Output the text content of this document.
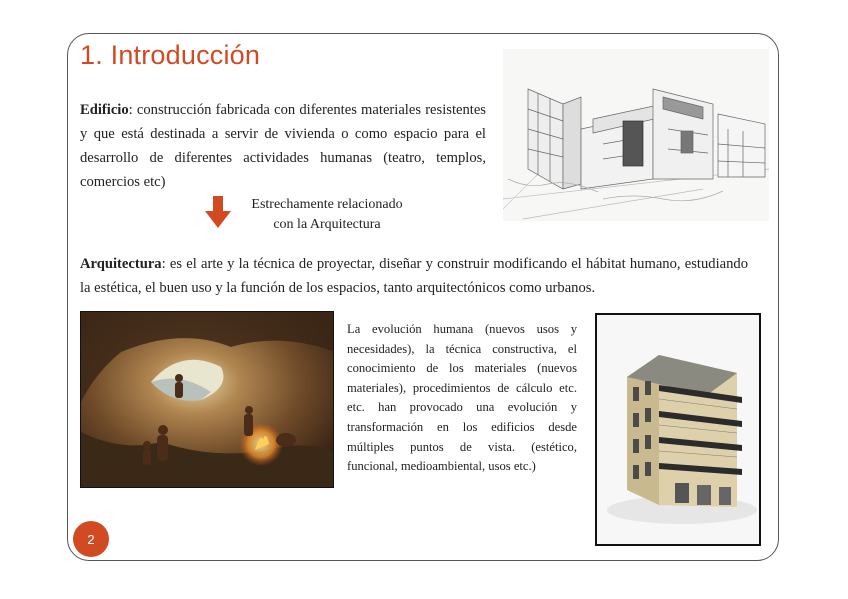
1. Introducción

Edificio: construcción fabricada con diferentes materiales resistentes y que está destinada a servir de vivienda o como espacio para el desarrollo de diferentes actividades humanas (teatro, templos, comercios etc)

Estrechamente relacionado
con la Arquitectura

Arquitectura: es el arte y la técnica de proyectar, diseñar y construir modificando el hábitat humano, estudiando la estética, el buen uso y la función de los espacios, tanto arquitectónicos como urbanos.

La evolución humana (nuevos usos y necesidades), la técnica constructiva, el conocimiento de los materiales (nuevos materiales), procedimientos de cálculo etc. etc. han provocado una evolución y transformación en los edificios desde múltiples puntos de vista. (estético, funcional, medioambiental, usos etc.)

2
